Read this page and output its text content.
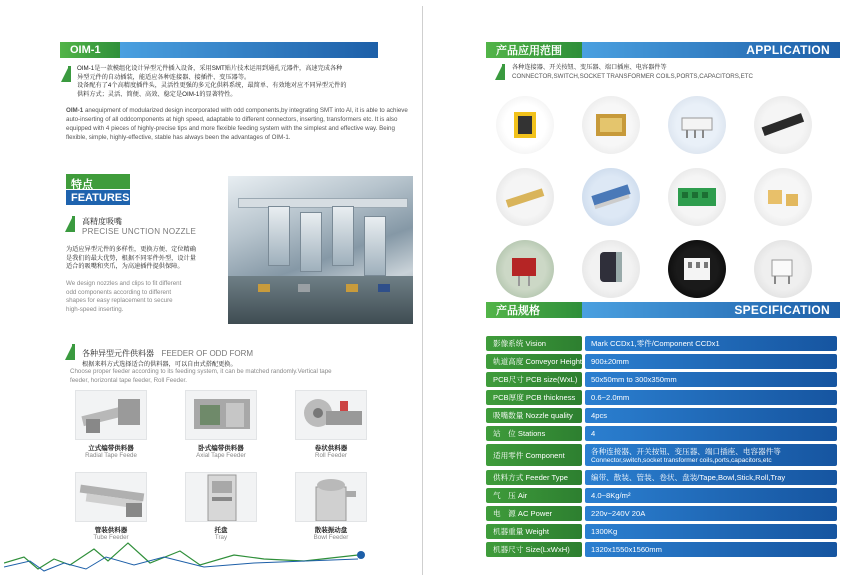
OIM-1
OIM-1是一款模组化设计异型元件插入设备，采用SMT贴片技术运用到通孔元器件，高速完成各种
异型元件的自动插装，能适应各种连接器、接插件、变压器等。
设备配有了4个高精度插件头，灵活性更强的多元化供料系统，最简单、有效地对应不同异型元件的
供料方式；灵活、简便、高效、稳定是OIM-1的显著特性。
OIM-1 anequipment of modularized design incorporated with odd components,by integrating SMT into AI, it is able to achieve auto-inserting of all oddcomponents at high speed, adaptable to different connectors, inserting, transformers etc. It is also equipped with 4 pieces of highly-precise tips and more flexible feeding system with the simplest and effective way. Being flexible, simple, highly-effective, stable has always been the advantages of OIM-1.
特点
FEATURES
高精度吸嘴
PRECISE UNCTION NOZZLE
为适应异型元件的多样性，更换方便、定位精确
是我们的最大优势，根据不同零件外型，设计量
适合的吸嘴和夹爪，为高速插件提供保障。
We design nozzles and clips to fit different
odd components according to different
shapes for easy replacement to secure
high-speed inserting.
各种异型元件供料器 FEEDER OF ODD FORM
根据来料方式选择适合的供料器，可以自由式搭配更换。
Choose proper feeder according to its feeding system, it can be matched randomly.Vertical tape
feeder, horizontal tape feeder, Roll Feeder.
立式编带供料器
Radial Tape Feede
卧式编带供料器
Axial Tape Feeder
卷状供料器
Roll Feeder
管装供料器
Tube Feeder
托盘
Tray
散装振动盘
Bowl Feeder
产品应用范围	APPLICATION
各种连接器、开关按钮、变压器、端口插座、电容器件等
CONNECTOR,SWITCH,SOCKET TRANSFORMER COILS,PORTS,CAPACITORS,ETC
产品规格	SPECIFICATION
影像系统 Vision	Mark CCDx1,零件/Component CCDx1
轨道高度 Conveyor Height 900±20mm
PCB尺寸 PCB size(WxL)	50x50mm to 300x350mm
PCB厚度 PCB thickness	0.6~2.0mm
吸嘴数量 Nozzle quality	4pcs
站　位 Stations	4
适用零件 Component	各种连接器、开关按钮、变压器、端口插座、电容器件等
Connector,switch,socket transformer coils,ports,capacitors,etc
供料方式 Feeder Type	编带、散装、管装、卷状、盘装/Tape,Bowl,Stick,Roll,Tray
气　压 Air	4.0~8Kg/m²
电　源 AC Power	220v~240V 20A
机器重量 Weight	1300Kg
机器尺寸 Size(LxWxH)	1320x1550x1560mm
